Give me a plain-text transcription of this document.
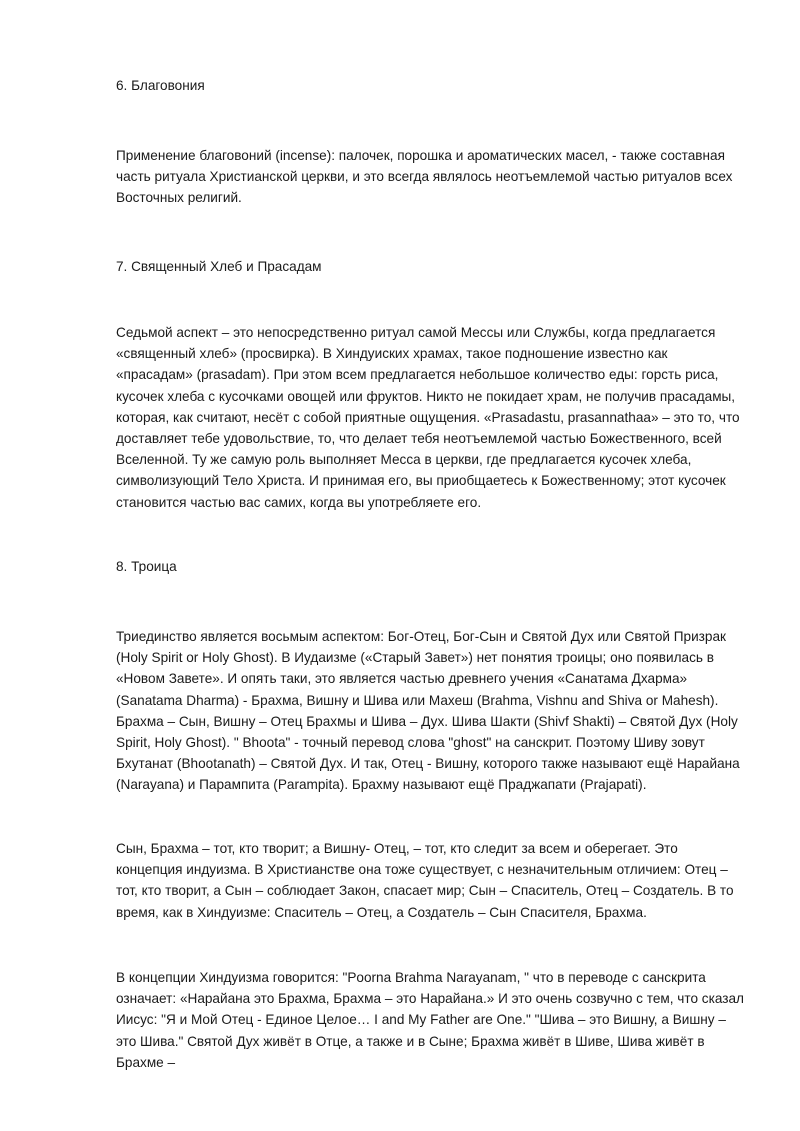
6. Благовония

Применение благовоний (incense): палочек, порошка и ароматических масел, - также составная часть ритуала Христианской церкви, и это всегда являлось неотъемлемой частью ритуалов всех Восточных религий.

7. Священный Хлеб и Прасадам

Седьмой аспект – это непосредственно ритуал самой Мессы или Службы, когда предлагается «священный хлеб» (просвирка). В Хиндуиских храмах, такое подношение известно как «прасадам» (prasadam). При этом всем предлагается небольшое количество еды: горсть риса, кусочек хлеба с кусочками овощей или фруктов. Никто не покидает храм, не получив прасадамы, которая, как считают, несёт с собой приятные ощущения. «Prasadastu, prasannathaa» – это то, что доставляет тебе удовольствие, то, что делает тебя неотъемлемой частью Божественного, всей Вселенной. Ту же самую роль выполняет Месса в церкви, где предлагается кусочек хлеба, символизующий Тело Христа. И принимая его, вы приобщаетесь к Божественному; этот кусочек становится частью вас самих, когда вы употребляете его.

8. Троица

Триединство является восьмым аспектом: Бог-Отец, Бог-Сын и Святой Дух или Святой Призрак (Holy Spirit or Holy Ghost). В Иудаизме («Старый Завет») нет понятия троицы; оно появилась в «Новом Завете». И опять таки, это является частью древнего учения «Санатама Дхарма» (Sanatama Dharma) - Брахма, Вишну и Шива или Махеш (Brahma, Vishnu and Shiva or Mahesh). Брахма – Сын, Вишну – Отец Брахмы и Шива – Дух. Шива Шакти (Shivf Shakti) – Святой Дух (Holy Spirit, Holy Ghost). " Bhoota" - точный перевод слова "ghost" на санскрит. Поэтому Шиву зовут Бхутанат (Bhootanath) – Святой Дух. И так, Отец - Вишну, которого также называют ещё Нарайана (Narayana) и Парампита (Parampita). Брахму называют ещё Праджапати (Prajapati).

Сын, Брахма – тот, кто творит; а Вишну- Отец, – тот, кто следит за всем и оберегает. Это концепция индуизма. В Христианстве она тоже существует, с незначительным отличием: Отец – тот, кто творит, а Сын – соблюдает Закон, спасает мир; Сын – Спаситель, Отец – Создатель. В то время, как в Хиндуизме: Спаситель – Отец, а Создатель – Сын Спасителя, Брахма.

В концепции Хиндуизма говорится: "Poorna Brahma Narayanam, " что в переводе с санскрита означает: «Нарайана это Брахма, Брахма – это Нарайана.» И это очень созвучно с тем, что сказал Иисус: "Я и Мой Отец - Единое Целое… I and My Father are One." "Шива – это Вишну, а Вишну – это Шива." Святой Дух живёт в Отце, а также и в Сыне; Брахма живёт в Шиве, Шива живёт в Брахме –
